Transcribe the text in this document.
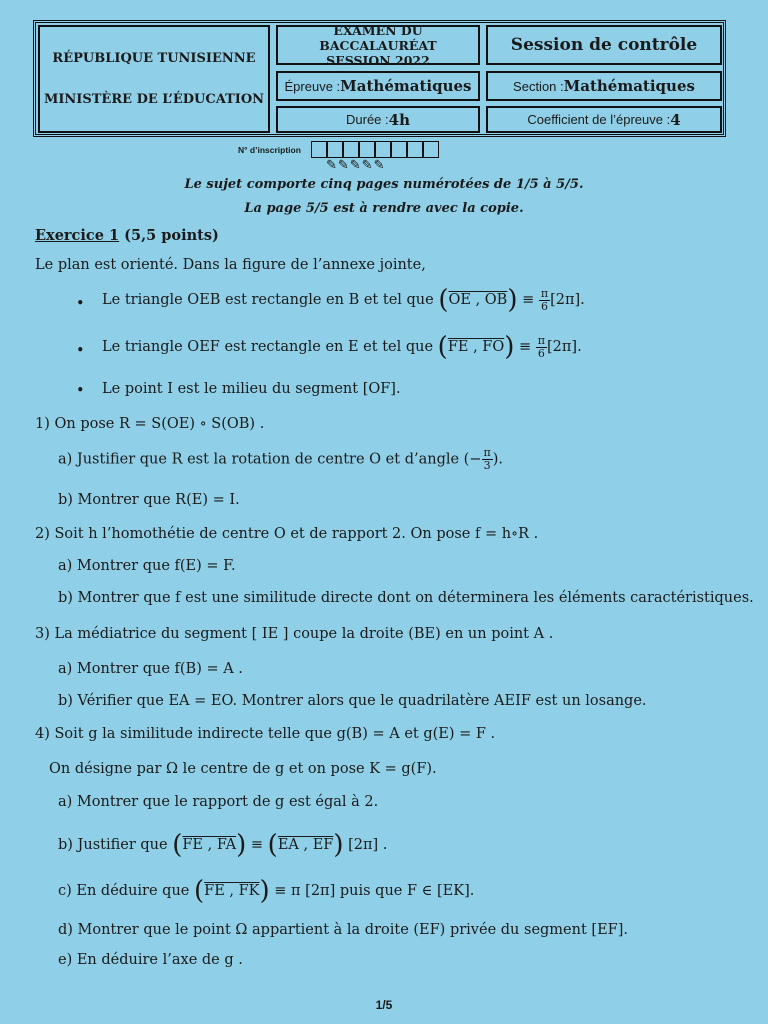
RÉPUBLIQUE TUNISIENNE
MINISTÈRE DE L’ÉDUCATION
EXAMEN DU BACCALAURÉAT
SESSION 2022
Session de contrôle
Épreuve : Mathématiques	Section : Mathématiques
Durée : 4h	Coefficient de l’épreuve : 4
N° d’inscription
✎✎✎✎✎
Le sujet comporte cinq pages numérotées de 1/5 à 5/5.
La page 5/5 est à rendre avec la copie.
Exercice 1 (5,5 points)
Le plan est orienté. Dans la figure de l’annexe jointe,
• Le triangle OEB est rectangle en B et tel que (OE , $OB) \equiv \frac{\pi}{6} [2\pi]$.
• Le triangle OEF est rectangle en E et tel que (FE , $FO) \equiv \frac{\pi}{6} [2\pi]$.
• Le point I est le milieu du segment [OF].
1) On pose R = S(OE) ∘ S(OB) .
a) Justifier que R est la rotation de centre O et d’angle (− $\frac{\pi}{3}$ ).
b) Montrer que R(E) = I.
2) Soit h l’homothétie de centre O et de rapport 2. On pose f = h∘R .
a) Montrer que f(E) = F.
b) Montrer que f est une similitude directe dont on déterminera les éléments caractéristiques.
3) La médiatrice du segment [ IE ] coupe la droite (BE) en un point A .
a) Montrer que f(B) = A .
b) Vérifier que EA = EO. Montrer alors que le quadrilatère AEIF est un losange.
4) Soit g la similitude indirecte telle que g(B) = A et g(E) = F .
On désigne par Ω le centre de g et on pose K = g(F).
a) Montrer que le rapport de g est égal à 2.
b) Justifier que (FE , FA) ≡ (EA , EF) [2π] .
c) En déduire que (FE , FK) ≡ π [2π] puis que F ∈ [EK].
d) Montrer que le point Ω appartient à la droite (EF) privée du segment [EF].
e) En déduire l’axe de g .
1/5
